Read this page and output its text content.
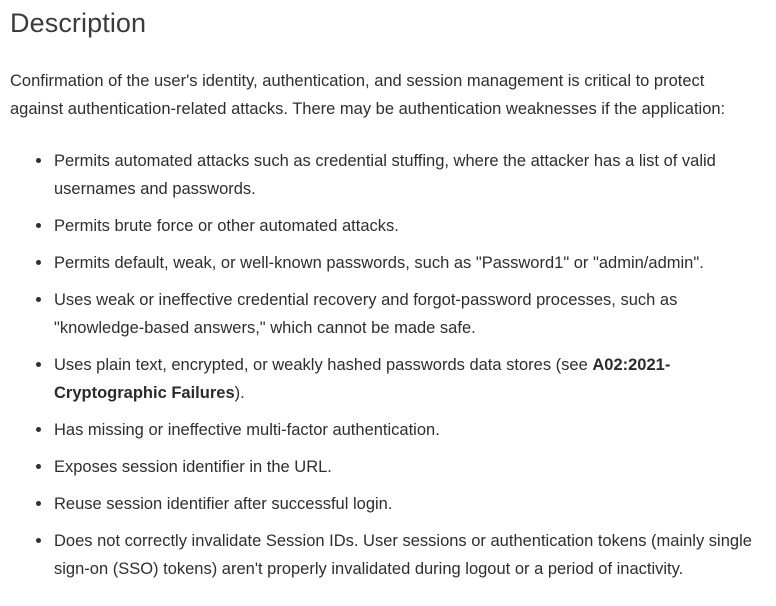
Description

Confirmation of the user's identity, authentication, and session management is critical to protect against authentication-related attacks. There may be authentication weaknesses if the application:

Permits automated attacks such as credential stuffing, where the attacker has a list of valid usernames and passwords.
Permits brute force or other automated attacks.
Permits default, weak, or well-known passwords, such as "Password1" or "admin/admin".
Uses weak or ineffective credential recovery and forgot-password processes, such as "knowledge-based answers," which cannot be made safe.
Uses plain text, encrypted, or weakly hashed passwords data stores (see A02:2021-Cryptographic Failures).
Has missing or ineffective multi-factor authentication.
Exposes session identifier in the URL.
Reuse session identifier after successful login.
Does not correctly invalidate Session IDs. User sessions or authentication tokens (mainly single sign-on (SSO) tokens) aren't properly invalidated during logout or a period of inactivity.
